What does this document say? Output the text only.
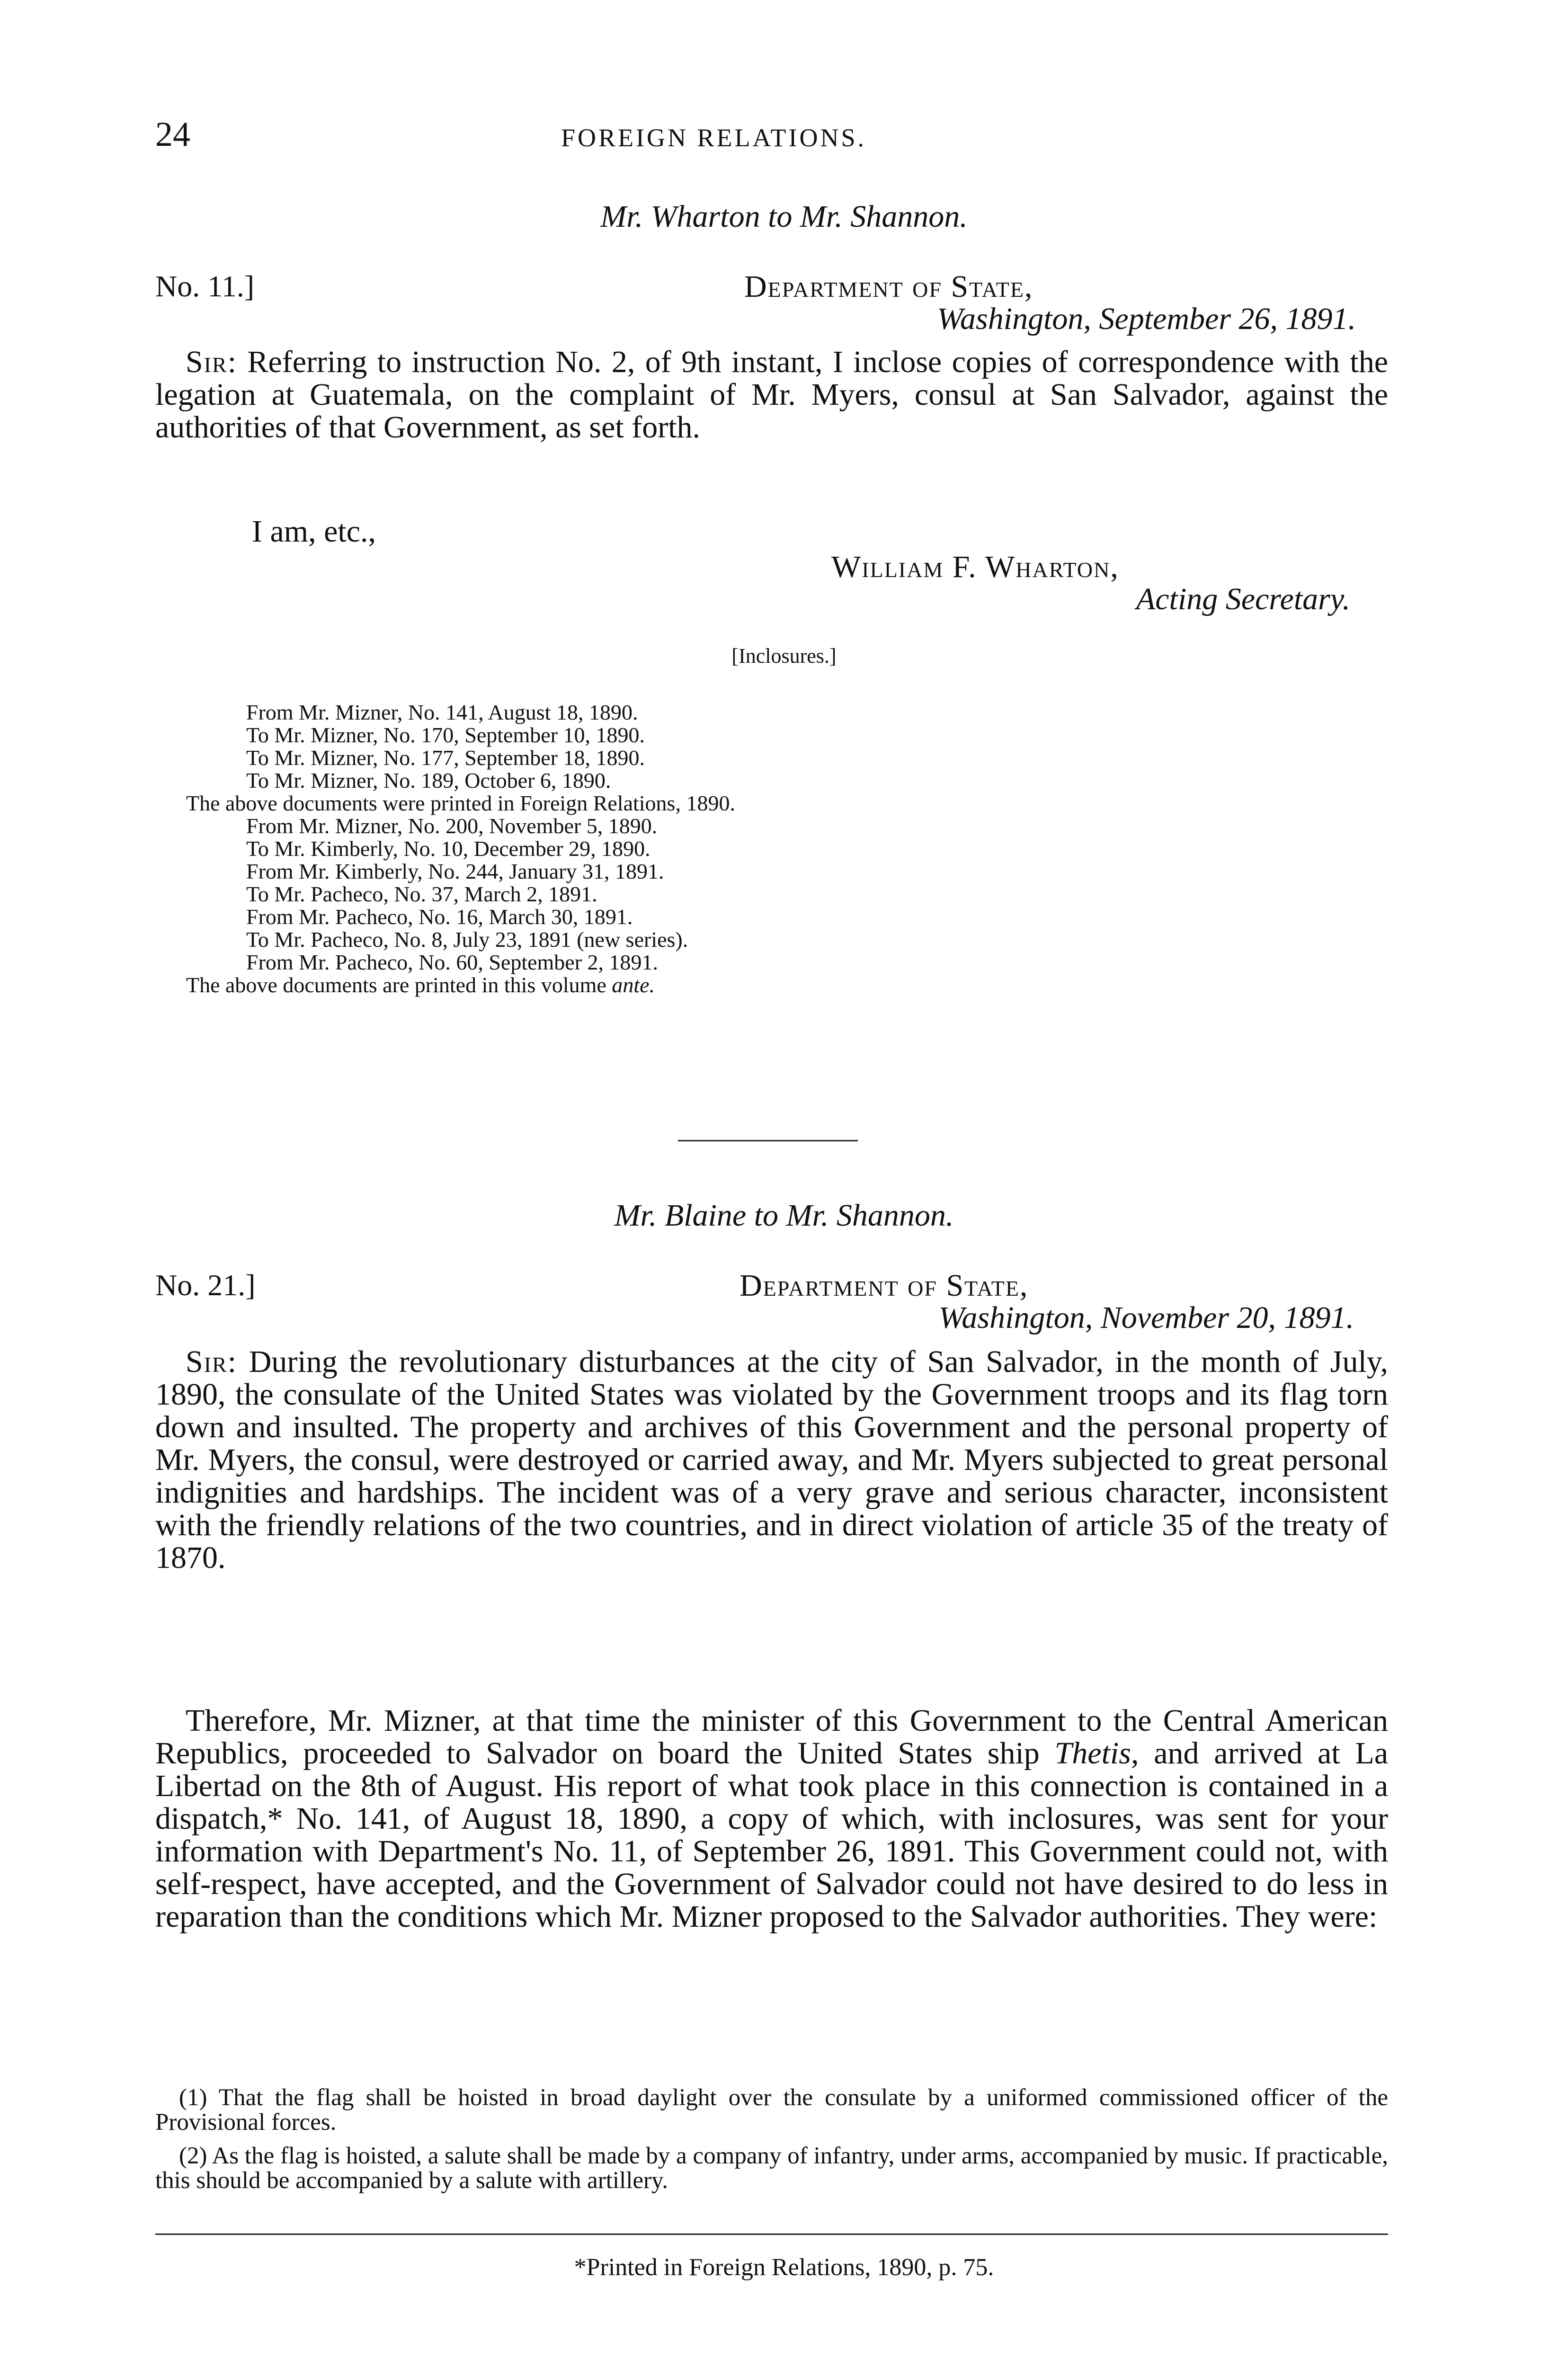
24	FOREIGN RELATIONS.
Mr. Wharton to Mr. Shannon.
No. 11.]	Department of State,
Washington, September 26, 1891.

Sir: Referring to instruction No. 2, of 9th instant, I inclose copies of correspondence with the legation at Guatemala, on the complaint of Mr. Myers, consul at San Salvador, against the authorities of that Government, as set forth.

I am, etc.,
William F. Wharton,
Acting Secretary.
[Inclosures.]
From Mr. Mizner, No. 141, August 18, 1890.
To Mr. Mizner, No. 170, September 10, 1890.
To Mr. Mizner, No. 177, September 18, 1890.
To Mr. Mizner, No. 189, October 6, 1890.
The above documents were printed in Foreign Relations, 1890.
From Mr. Mizner, No. 200, November 5, 1890.
To Mr. Kimberly, No. 10, December 29, 1890.
From Mr. Kimberly, No. 244, January 31, 1891.
To Mr. Pacheco, No. 37, March 2, 1891.
From Mr. Pacheco, No. 16, March 30, 1891.
To Mr. Pacheco, No. 8, July 23, 1891 (new series).
From Mr. Pacheco, No. 60, September 2, 1891.
The above documents are printed in this volume ante.
Mr. Blaine to Mr. Shannon.
No. 21.]	Department of State,
Washington, November 20, 1891.

Sir: During the revolutionary disturbances at the city of San Salvador, in the month of July, 1890, the consulate of the United States was violated by the Government troops and its flag torn down and insulted. The property and archives of this Government and the personal property of Mr. Myers, the consul, were destroyed or carried away, and Mr. Myers subjected to great personal indignities and hardships. The incident was of a very grave and serious character, inconsistent with the friendly relations of the two countries, and in direct violation of article 35 of the treaty of 1870.

Therefore, Mr. Mizner, at that time the minister of this Government to the Central American Republics, proceeded to Salvador on board the United States ship Thetis, and arrived at La Libertad on the 8th of August. His report of what took place in this connection is contained in a dispatch,* No. 141, of August 18, 1890, a copy of which, with inclosures, was sent for your information with Department's No. 11, of September 26, 1891. This Government could not, with self-respect, have accepted, and the Government of Salvador could not have desired to do less in reparation than the conditions which Mr. Mizner proposed to the Salvador authorities. They were:

(1) That the flag shall be hoisted in broad daylight over the consulate by a uniformed commissioned officer of the Provisional forces.

(2) As the flag is hoisted, a salute shall be made by a company of infantry, under arms, accompanied by music. If practicable, this should be accompanied by a salute with artillery.

*Printed in Foreign Relations, 1890, p. 75.
